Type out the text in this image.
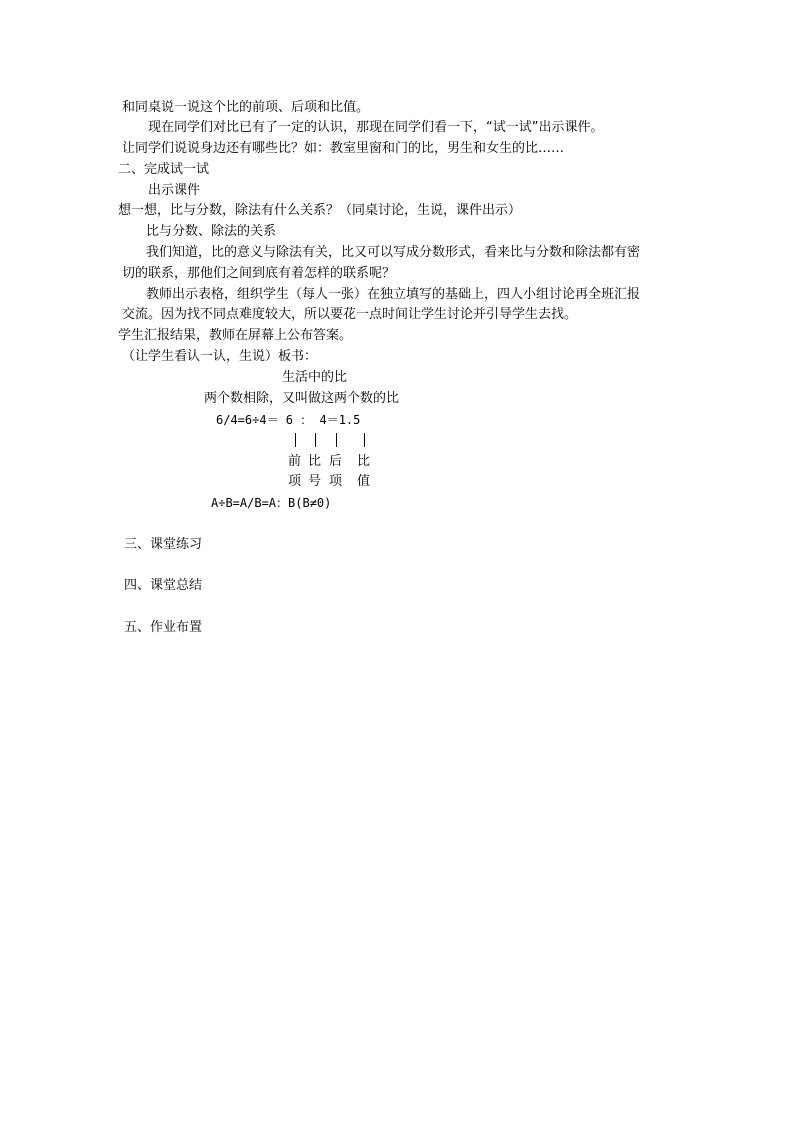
和同桌说一说这个比的前项、后项和比值。
现在同学们对比已有了一定的认识，那现在同学们看一下，“试一试”出示课件。
让同学们说说身边还有哪些比？如：教室里窗和门的比，男生和女生的比……
二、完成试一试
出示课件
想一想，比与分数，除法有什么关系？（同桌讨论，生说，课件出示）
比与分数、除法的关系
我们知道，比的意义与除法有关，比又可以写成分数形式，看来比与分数和除法都有密
切的联系，那他们之间到底有着怎样的联系呢？
教师出示表格，组织学生（每人一张）在独立填写的基础上，四人小组讨论再全班汇报
交流。因为找不同点难度较大，所以要花一点时间让学生讨论并引导学生去找。
学生汇报结果，教师在屏幕上公布答案。
（让学生看认一认，生说）板书：
生活中的比
两个数相除，又叫做这两个数的比
6/4=6÷4＝ 6 ： 4＝1.5
前 比 后 比
项 号 项 值
A÷B=A/B=A：B(B≠0)
三、课堂练习
四、课堂总结
五、作业布置
